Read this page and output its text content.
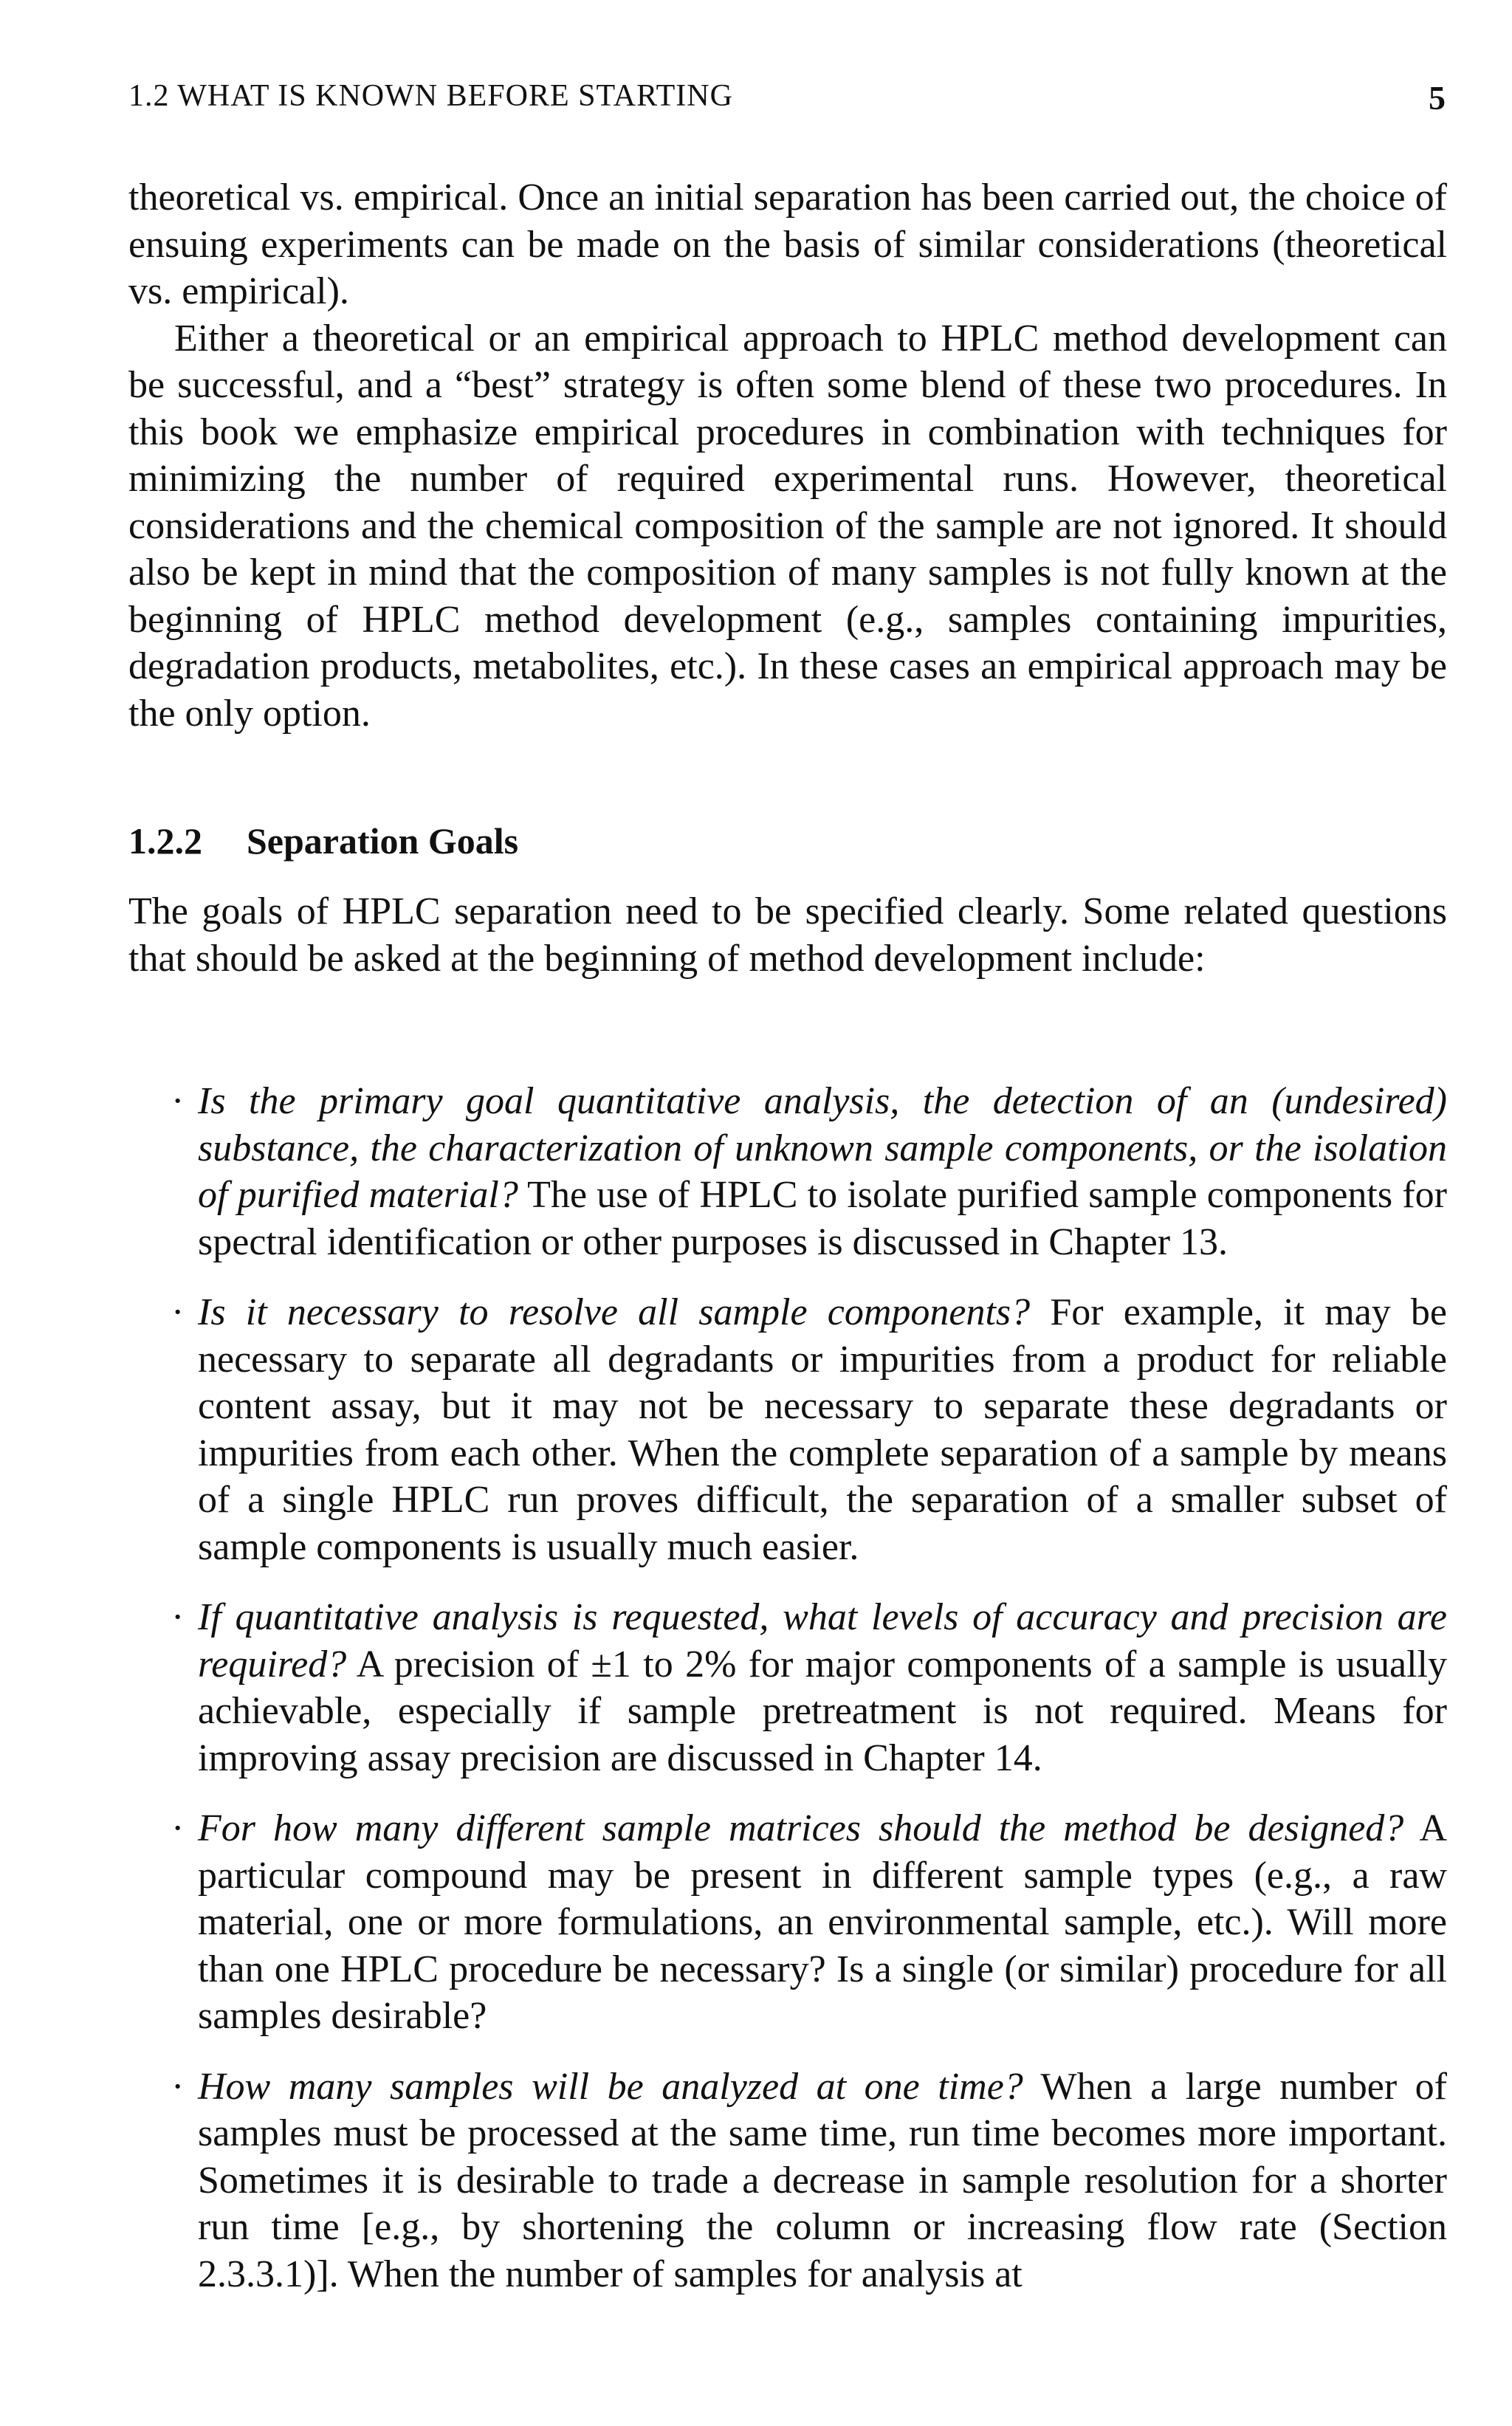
1.2 WHAT IS KNOWN BEFORE STARTING	5

theoretical vs. empirical. Once an initial separation has been carried out, the choice of ensuing experiments can be made on the basis of similar considerations (theoretical vs. empirical).

Either a theoretical or an empirical approach to HPLC method development can be successful, and a “best” strategy is often some blend of these two procedures. In this book we emphasize empirical procedures in combination with techniques for minimizing the number of required experimental runs. However, theoretical considerations and the chemical composition of the sample are not ignored. It should also be kept in mind that the composition of many samples is not fully known at the beginning of HPLC method development (e.g., samples containing impurities, degradation products, metabolites, etc.). In these cases an empirical approach may be the only option.

1.2.2 Separation Goals

The goals of HPLC separation need to be specified clearly. Some related questions that should be asked at the beginning of method development include:

· Is the primary goal quantitative analysis, the detection of an (undesired) substance, the characterization of unknown sample components, or the isolation of purified material? The use of HPLC to isolate purified sample components for spectral identification or other purposes is discussed in Chapter 13.
· Is it necessary to resolve all sample components? For example, it may be necessary to separate all degradants or impurities from a product for reliable content assay, but it may not be necessary to separate these degradants or impurities from each other. When the complete separation of a sample by means of a single HPLC run proves difficult, the separation of a smaller subset of sample components is usually much easier.
· If quantitative analysis is requested, what levels of accuracy and precision are required? A precision of ±1 to 2% for major components of a sample is usually achievable, especially if sample pretreatment is not required. Means for improving assay precision are discussed in Chapter 14.
· For how many different sample matrices should the method be designed? A particular compound may be present in different sample types (e.g., a raw material, one or more formulations, an environmental sample, etc.). Will more than one HPLC procedure be necessary? Is a single (or similar) procedure for all samples desirable?
· How many samples will be analyzed at one time? When a large number of samples must be processed at the same time, run time becomes more important. Sometimes it is desirable to trade a decrease in sample resolution for a shorter run time [e.g., by shortening the column or increasing flow rate (Section 2.3.3.1)]. When the number of samples for analysis at
